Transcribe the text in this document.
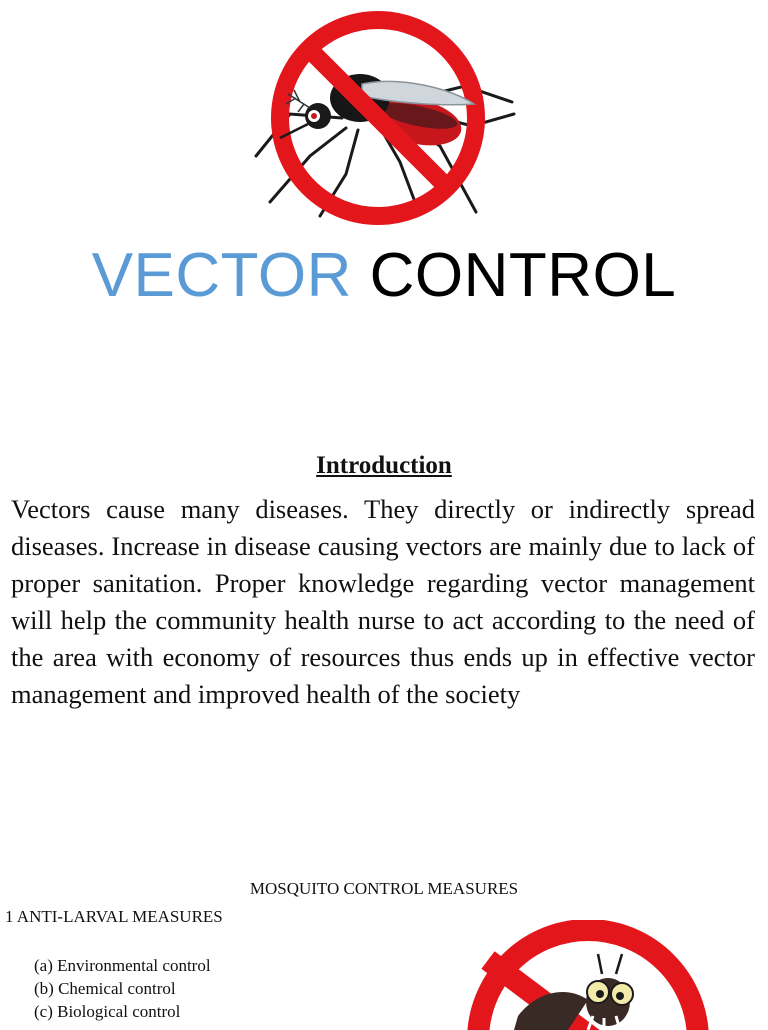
VECTOR CONTROL
Introduction

Vectors cause many diseases. They directly or indirectly spread diseases. Increase in disease causing vectors are mainly due to lack of proper sanitation. Proper knowledge regarding vector management will help the community health nurse to act according to the need of the area with economy of resources thus ends up in effective vector management and improved health of the society

MOSQUITO CONTROL MEASURES
1 ANTI-LARVAL MEASURES
(a) Environmental control
(b) Chemical control
(c) Biological control
